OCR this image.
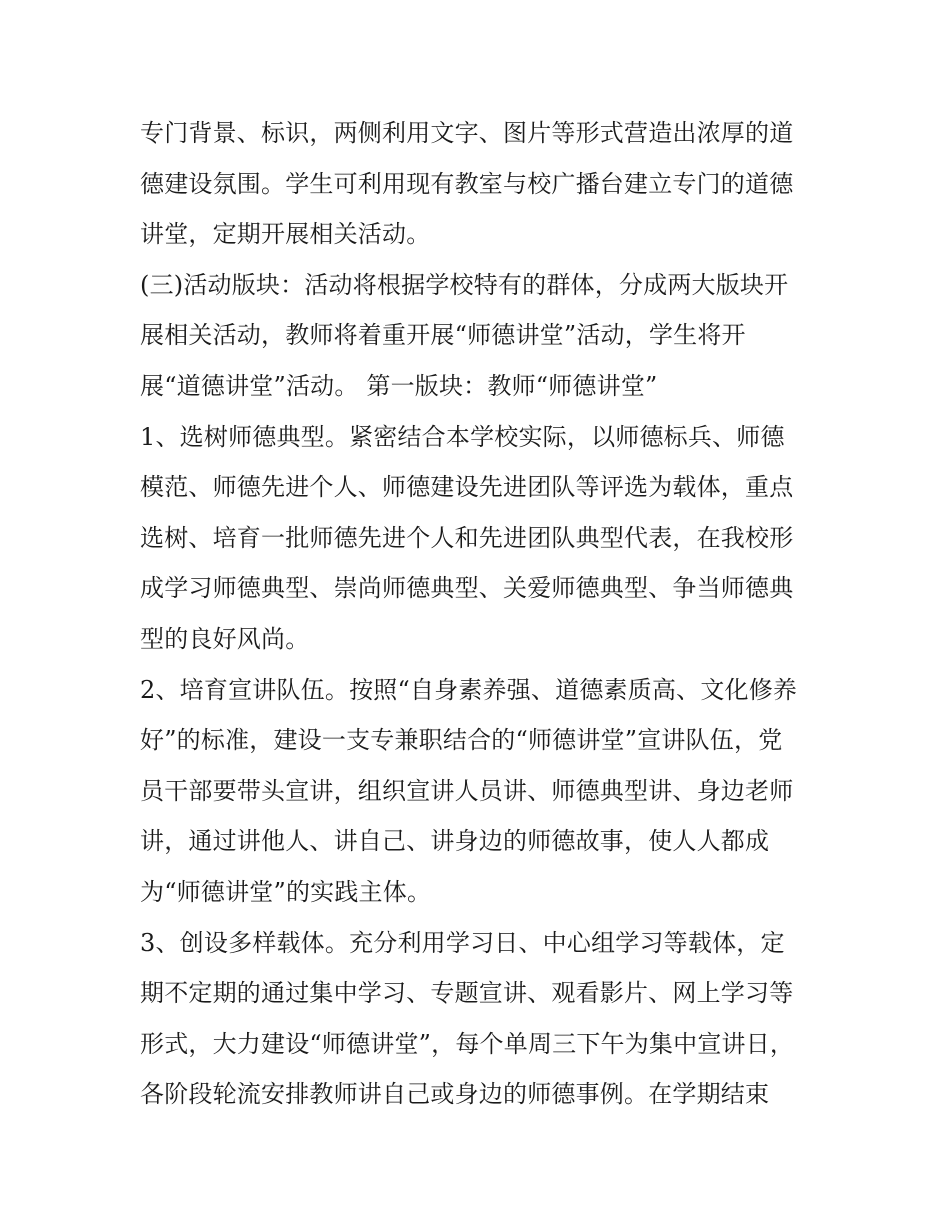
专门背景、标识，两侧利用文字、图片等形式营造出浓厚的道
德建设氛围。学生可利用现有教室与校广播台建立专门的道德
讲堂，定期开展相关活动。
(三)活动版块：活动将根据学校特有的群体，分成两大版块开
展相关活动，教师将着重开展“师德讲堂”活动，学生将开
展“道德讲堂”活动。 第一版块：教师“师德讲堂”
1、选树师德典型。紧密结合本学校实际，以师德标兵、师德
模范、师德先进个人、师德建设先进团队等评选为载体，重点
选树、培育一批师德先进个人和先进团队典型代表，在我校形
成学习师德典型、崇尚师德典型、关爱师德典型、争当师德典
型的良好风尚。
2、培育宣讲队伍。按照“自身素养强、道德素质高、文化修养
好”的标准，建设一支专兼职结合的“师德讲堂”宣讲队伍，党
员干部要带头宣讲，组织宣讲人员讲、师德典型讲、身边老师
讲，通过讲他人、讲自己、讲身边的师德故事，使人人都成
为“师德讲堂”的实践主体。
3、创设多样载体。充分利用学习日、中心组学习等载体，定
期不定期的通过集中学习、专题宣讲、观看影片、网上学习等
形式，大力建设“师德讲堂”，每个单周三下午为集中宣讲日，
各阶段轮流安排教师讲自己或身边的师德事例。在学期结束
